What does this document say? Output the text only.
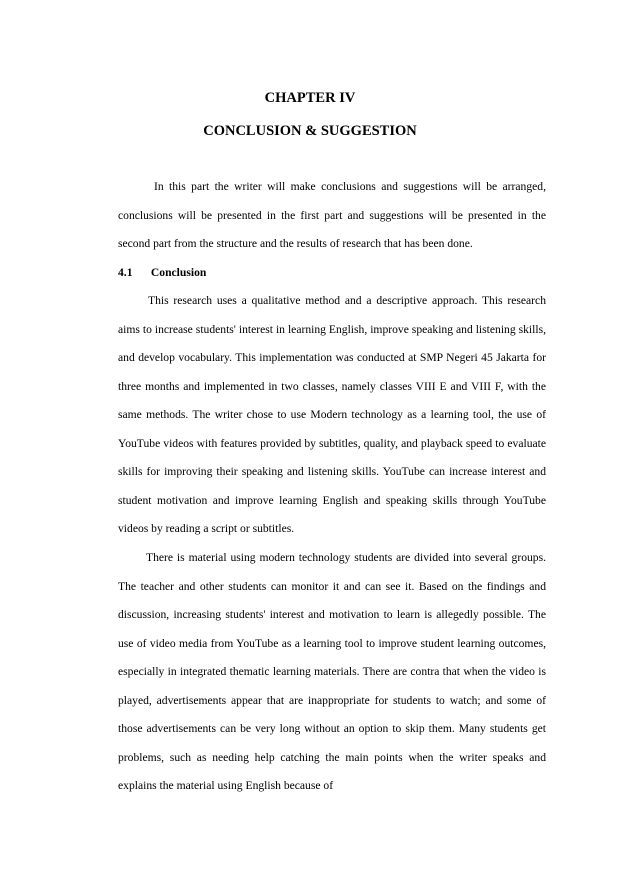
CHAPTER IV
CONCLUSION & SUGGESTION

In this part the writer will make conclusions and suggestions will be arranged, conclusions will be presented in the first part and suggestions will be presented in the second part from the structure and the results of research that has been done.

4.1 Conclusion

This research uses a qualitative method and a descriptive approach. This research aims to increase students' interest in learning English, improve speaking and listening skills, and develop vocabulary. This implementation was conducted at SMP Negeri 45 Jakarta for three months and implemented in two classes, namely classes VIII E and VIII F, with the same methods. The writer chose to use Modern technology as a learning tool, the use of YouTube videos with features provided by subtitles, quality, and playback speed to evaluate skills for improving their speaking and listening skills. YouTube can increase interest and student motivation and improve learning English and speaking skills through YouTube videos by reading a script or subtitles.

There is material using modern technology students are divided into several groups. The teacher and other students can monitor it and can see it. Based on the findings and discussion, increasing students' interest and motivation to learn is allegedly possible. The use of video media from YouTube as a learning tool to improve student learning outcomes, especially in integrated thematic learning materials. There are contra that when the video is played, advertisements appear that are inappropriate for students to watch; and some of those advertisements can be very long without an option to skip them. Many students get problems, such as needing help catching the main points when the writer speaks and explains the material using English because of
